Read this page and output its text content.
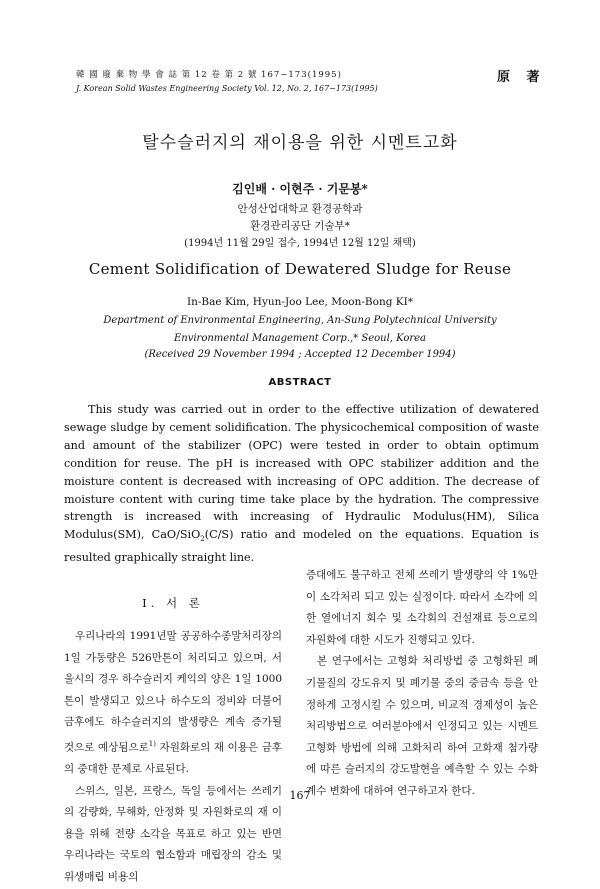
韓 國 廢 棄 物 學 會 誌 第 12 卷 第 2 號 167~173(1995)
J. Korean Solid Wastes Engineering Society Vol. 12, No. 2, 167~173(1995)
原 著
탈수슬러지의 재이용을 위한 시멘트고화
김인배 · 이현주 · 기문봉*
안성산업대학교 환경공학과
환경관리공단 기술부*
(1994년 11월 29일 접수, 1994년 12월 12일 채택)
Cement Solidification of Dewatered Sludge for Reuse
In-Bae Kim, Hyun-Joo Lee, Moon-Bong KI*
Department of Environmental Engineering, An-Sung Polytechnical University
Environmental Management Corp.,* Seoul, Korea
(Received 29 November 1994 ; Accepted 12 December 1994)
ABSTRACT
This study was carried out in order to the effective utilization of dewatered sewage sludge by cement solidification. The physicochemical composition of waste and amount of the stabilizer (OPC) were tested in order to obtain optimum condition for reuse. The pH is increased with OPC stabilizer addition and the moisture content is decreased with increasing of OPC addition. The decrease of moisture content with curing time take place by the hydration. The compressive strength is increased with increasing of Hydraulic Modulus(HM), Silica Modulus(SM), CaO/SiO$_2$(C/S) ratio and modeled on the equations. Equation is resulted graphically straight line.

Ⅰ. 서 론

우리나라의 1991년말 공공하수종말처리장의 1일 가동량은 526만톤이 처리되고 있으며, 서울시의 경우 하수슬러지 케익의 양은 1일 1000톤이 발생되고 있으나 하수도의 정비와 더불어 금후에도 하수슬러지의 발생량은 계속 증가될 것으로 예상됨으로$^{1)}$ 자원화로의 재 이용은 금후의 중대한 문제로 사료된다.

스위스, 일본, 프랑스, 독일 등에서는 쓰레기의 감량화, 무해화, 안정화 및 자원화로의 재 이용을 위해 전량 소각을 목표로 하고 있는 반면 우리나라는 국토의 협소함과 매립장의 감소 및 위생매립 비용의

증대에도 불구하고 전체 쓰레기 발생량의 약 1%만이 소각처리 되고 있는 실정이다. 따라서 소각에 의한 열에너지 회수 및 소각회의 건설재료 등으로의 자원화에 대한 시도가 진행되고 있다.

본 연구에서는 고형화 처리방법 중 고형화된 폐기물질의 강도유지 및 폐기물 중의 중금속 등을 안정하게 고정시킬 수 있으며, 비교적 경제성이 높은 처리방법으로 여러분야에서 인정되고 있는 시멘트 고형화 방법에 의해 고화처리 하여 고화재 첨가량에 따른 슬러지의 강도발현을 예측할 수 있는 수화계수 변화에 대하여 연구하고자 한다.

167
